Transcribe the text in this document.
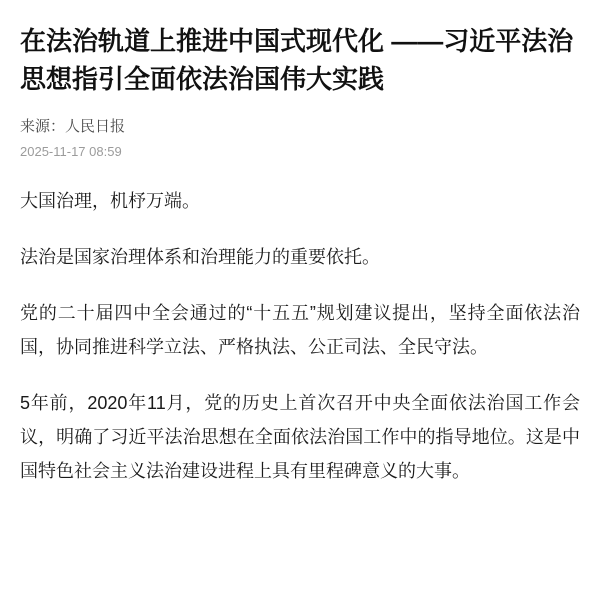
在法治轨道上推进中国式现代化 ——习近平法治思想指引全面依法治国伟大实践
来源：人民日报
2025-11-17 08:59

大国治理，机杼万端。

法治是国家治理体系和治理能力的重要依托。

党的二十届四中全会通过的“十五五”规划建议提出，坚持全面依法治国，协同推进科学立法、严格执法、公正司法、全民守法。

5年前，2020年11月，党的历史上首次召开中央全面依法治国工作会议，明确了习近平法治思想在全面依法治国工作中的指导地位。这是中国特色社会主义法治建设进程上具有里程碑意义的大事。
